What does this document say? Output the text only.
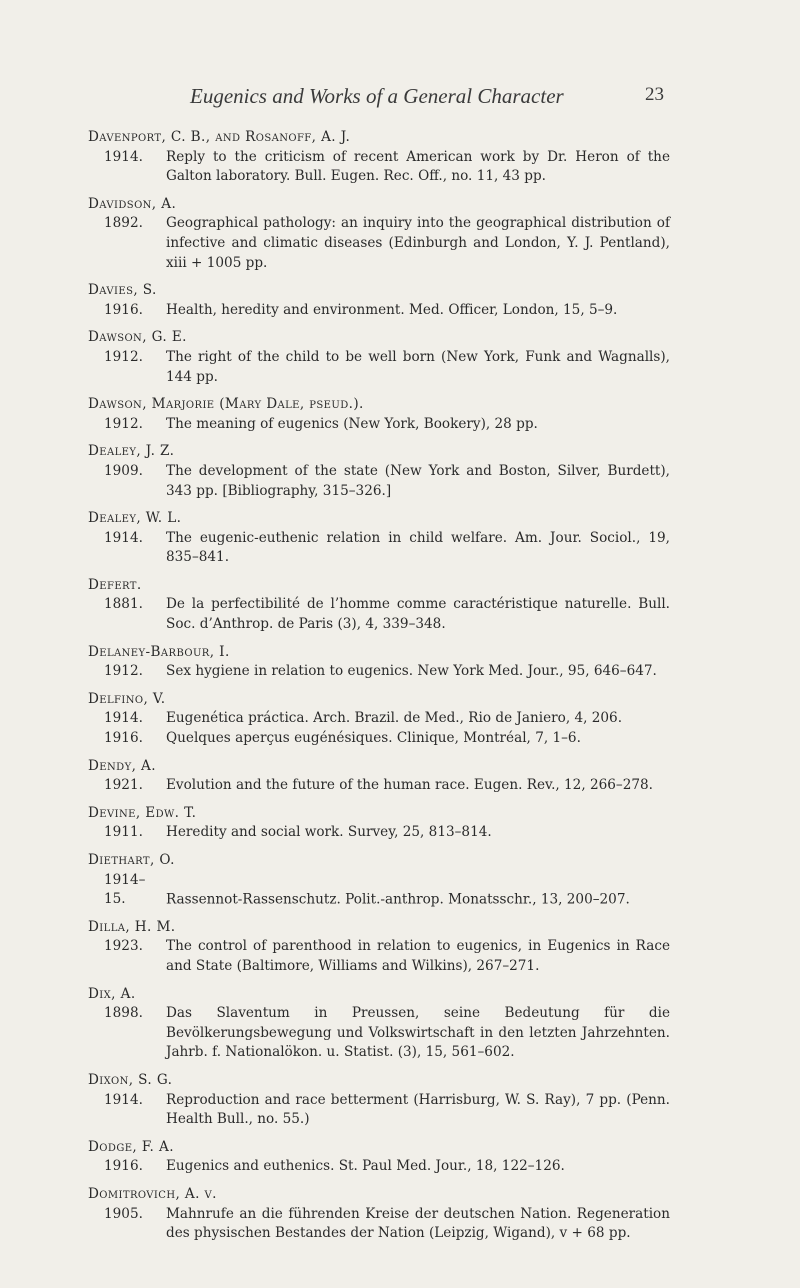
Eugenics and Works of a General Character	23
Davenport, C. B., and Rosanoff, A. J.
1914. Reply to the criticism of recent American work by Dr. Heron of the Galton laboratory. Bull. Eugen. Rec. Off., no. 11, 43 pp.
Davidson, A.
1892. Geographical pathology: an inquiry into the geographical distribution of infective and climatic diseases (Edinburgh and London, Y. J. Pentland), xiii + 1005 pp.
Davies, S.
1916. Health, heredity and environment. Med. Officer, London, 15, 5–9.
Dawson, G. E.
1912. The right of the child to be well born (New York, Funk and Wagnalls), 144 pp.
Dawson, Marjorie (Mary Dale, pseud.).
1912. The meaning of eugenics (New York, Bookery), 28 pp.
Dealey, J. Z.
1909. The development of the state (New York and Boston, Silver, Burdett), 343 pp. [Bibliography, 315–326.]
Dealey, W. L.
1914. The eugenic-euthenic relation in child welfare. Am. Jour. Sociol., 19, 835–841.
Defert.
1881. De la perfectibilité de l’homme comme caractéristique naturelle. Bull. Soc. d’Anthrop. de Paris (3), 4, 339–348.
Delaney-Barbour, I.
1912. Sex hygiene in relation to eugenics. New York Med. Jour., 95, 646–647.
Delfino, V.
1914. Eugenética práctica. Arch. Brazil. de Med., Rio de Janiero, 4, 206.
1916. Quelques aperçus eugénésiques. Clinique, Montréal, 7, 1–6.
Dendy, A.
1921. Evolution and the future of the human race. Eugen. Rev., 12, 266–278.
Devine, Edw. T.
1911. Heredity and social work. Survey, 25, 813–814.
Diethart, O.
1914–15.	Rassennot-Rassenschutz. Polit.-anthrop. Monatsschr., 13, 200–207.
Dilla, H. M.
1923. The control of parenthood in relation to eugenics, in Eugenics in Race and State (Baltimore, Williams and Wilkins), 267–271.
Dix, A.
1898. Das Slaventum in Preussen, seine Bedeutung für die Bevölkerungsbewegung und Volkswirtschaft in den letzten Jahrzehnten. Jahrb. f. Nationalökon. u. Statist. (3), 15, 561–602.
Dixon, S. G.
1914. Reproduction and race betterment (Harrisburg, W. S. Ray), 7 pp. (Penn. Health Bull., no. 55.)
Dodge, F. A.
1916. Eugenics and euthenics. St. Paul Med. Jour., 18, 122–126.
Domitrovich, A. v.
1905. Mahnrufe an die führenden Kreise der deutschen Nation. Regeneration des physischen Bestandes der Nation (Leipzig, Wigand), v + 68 pp.
